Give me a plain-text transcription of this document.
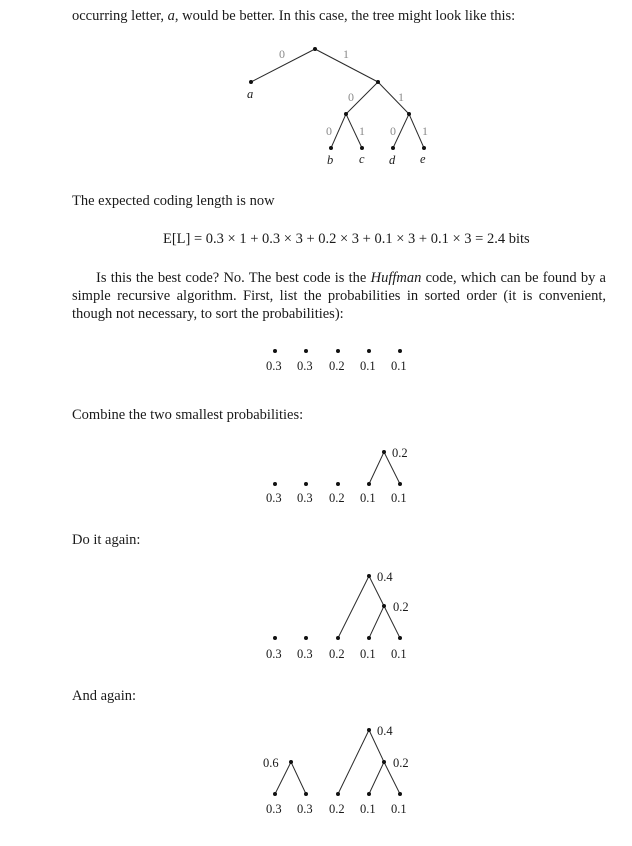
occurring letter, a, would be better. In this case, the tree might look like this:

0	1
0	1
0 1 0 1
a
b c d e
0.3 0.3 0.2 0.1 0.1
0.2
0.3 0.3 0.2 0.1 0.1
0.4
0.2
0.3 0.3 0.2 0.1 0.1
0.4
0.2
0.6
0.3 0.3 0.2 0.1 0.1

The expected coding length is now

E[L] = 0.3 × 1 + 0.3 × 3 + 0.2 × 3 + 0.1 × 3 + 0.1 × 3 = 2.4 bits

Is this the best code? No. The best code is the Huffman code, which can be found by a simple recursive algorithm. First, list the probabilities in sorted order (it is convenient, though not necessary, to sort the probabilities):

Combine the two smallest probabilities:

Do it again:

And again:
